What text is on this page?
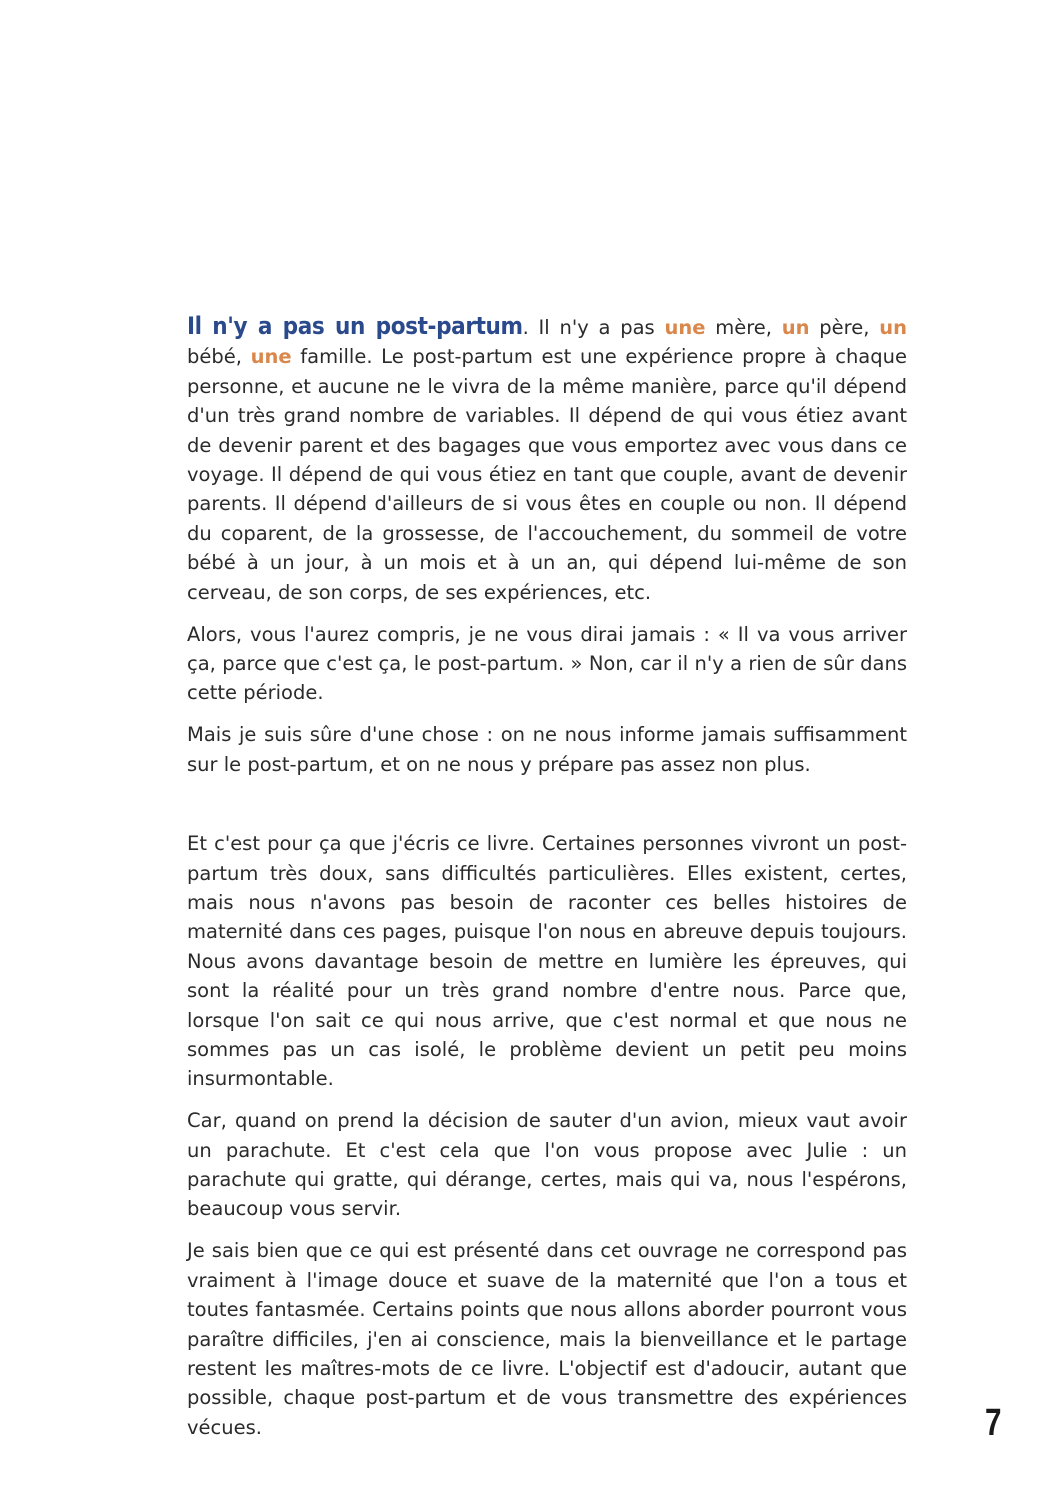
Il n'y a pas un post-partum. Il n'y a pas une mère, un père, un bébé, une famille. Le post-partum est une expérience propre à chaque personne, et aucune ne le vivra de la même manière, parce qu'il dépend d'un très grand nombre de variables. Il dépend de qui vous étiez avant de devenir parent et des bagages que vous emportez avec vous dans ce voyage. Il dépend de qui vous étiez en tant que couple, avant de devenir parents. Il dépend d'ailleurs de si vous êtes en couple ou non. Il dépend du coparent, de la grossesse, de l'accouchement, du sommeil de votre bébé à un jour, à un mois et à un an, qui dépend lui-même de son cerveau, de son corps, de ses expériences, etc.

Alors, vous l'aurez compris, je ne vous dirai jamais : « Il va vous arriver ça, parce que c'est ça, le post-partum. » Non, car il n'y a rien de sûr dans cette période.

Mais je suis sûre d'une chose : on ne nous informe jamais suffisamment sur le post-partum, et on ne nous y prépare pas assez non plus.

Et c'est pour ça que j'écris ce livre. Certaines personnes vivront un post-partum très doux, sans difficultés particulières. Elles existent, certes, mais nous n'avons pas besoin de raconter ces belles histoires de maternité dans ces pages, puisque l'on nous en abreuve depuis toujours. Nous avons davantage besoin de mettre en lumière les épreuves, qui sont la réalité pour un très grand nombre d'entre nous. Parce que, lorsque l'on sait ce qui nous arrive, que c'est normal et que nous ne sommes pas un cas isolé, le problème devient un petit peu moins insurmontable.

Car, quand on prend la décision de sauter d'un avion, mieux vaut avoir un parachute. Et c'est cela que l'on vous propose avec Julie : un parachute qui gratte, qui dérange, certes, mais qui va, nous l'espérons, beaucoup vous servir.

Je sais bien que ce qui est présenté dans cet ouvrage ne correspond pas vraiment à l'image douce et suave de la maternité que l'on a tous et toutes fantasmée. Certains points que nous allons aborder pourront vous paraître difficiles, j'en ai conscience, mais la bienveillance et le partage restent les maîtres-mots de ce livre. L'objectif est d'adoucir, autant que possible, chaque post-partum et de vous transmettre des expériences vécues.	7
